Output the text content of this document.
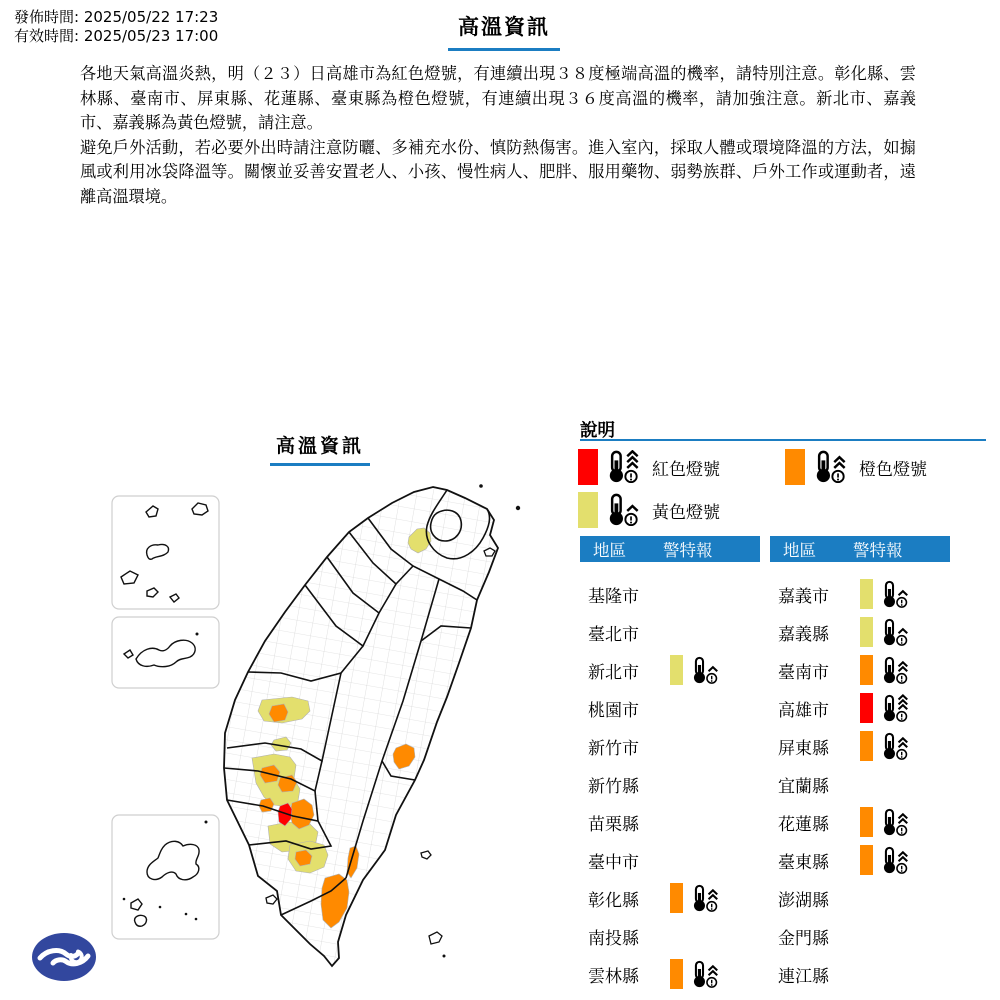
發佈時間: 2025/05/22 17:23
有效時間: 2025/05/23 17:00	高溫資訊

各地天氣高溫炎熱，明（２３）日高雄市為紅色燈號，有連續出現３８度極端高溫的機率，請特別注意。彰化縣、雲林縣、臺南市、屏東縣、花蓮縣、臺東縣為橙色燈號，有連續出現３６度高溫的機率，請加強注意。新北市、嘉義市、嘉義縣為黃色燈號，請注意。

避免戶外活動，若必要外出時請注意防曬、多補充水份、慎防熱傷害。進入室內，採取人體或環境降溫的方法，如搧風或利用冰袋降溫等。關懷並妥善安置老人、小孩、慢性病人、肥胖、服用藥物、弱勢族群、戶外工作或運動者，遠離高溫環境。

高溫資訊
說明
紅色燈號	橙色燈號
黃色燈號
地區	警特報
基隆市
臺北市
新北市
桃園市
新竹市
新竹縣
苗栗縣
臺中市
彰化縣
南投縣
雲林縣
地區	警特報
嘉義市
嘉義縣
臺南市
高雄市
屏東縣
宜蘭縣
花蓮縣
臺東縣
澎湖縣
金門縣
連江縣
